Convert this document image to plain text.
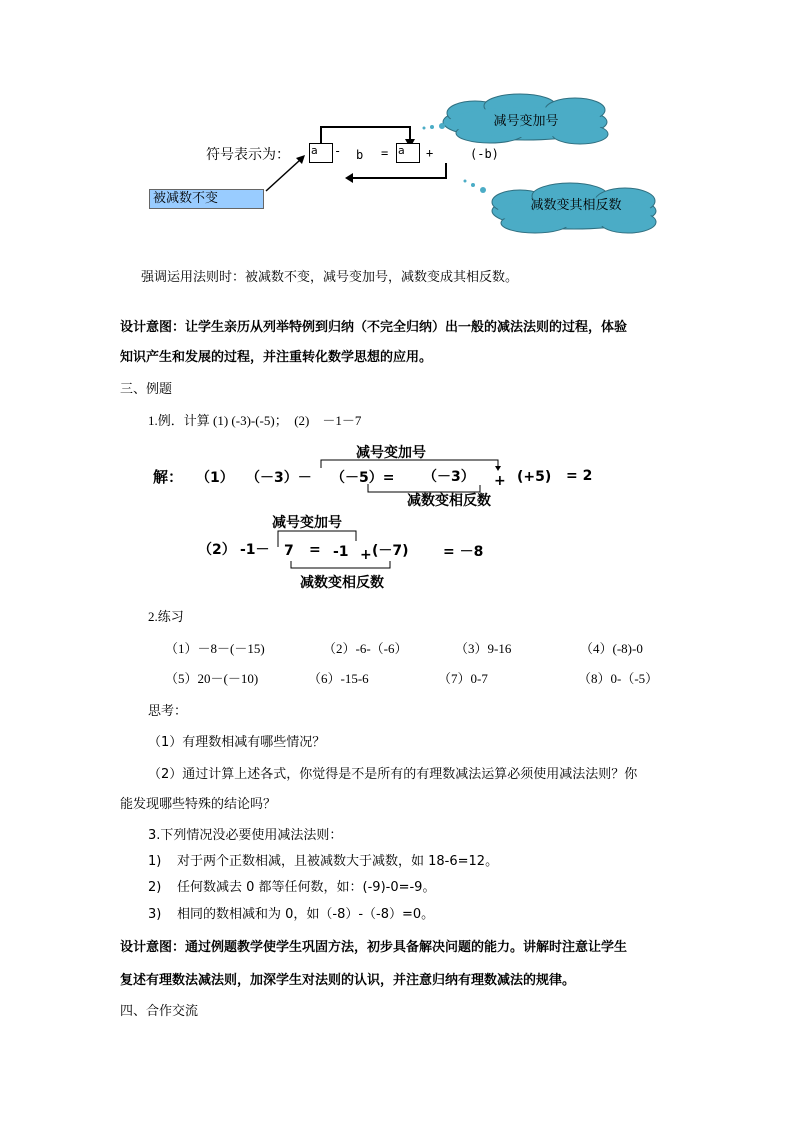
减号变加号
减数变其相反数
符号表示为： a	- b = a	+	(-b)
被减数不变
强调运用法则时：被减数不变，减号变加号，减数变成其相反数。
设计意图：让学生亲历从列举特例到归纳（不完全归纳）出一般的减法法则的过程，体验
知识产生和发展的过程，并注重转化数学思想的应用。
三、例题
1.例．计算 (1) (-3)-(-5)；　(2)　－1－7
解：
减号变加号
（1） （－3）－ （－5）= （－3） + (+5) = 2
减数变相反数
减号变加号
（2） -1－ 7 = -1 + (－7) = －8
减数变相反数
2.练习
（1）－8－(－15)	（2）-6-（-6）	（3）9-16	（4）(-8)-0
（5）20－(－10)	（6）-15-6	（7）0-7	（8）0-（-5）
思考：
（1）有理数相减有哪些情况？
（2）通过计算上述各式，你觉得是不是所有的有理数减法运算必须使用减法法则？你
能发现哪些特殊的结论吗？
3.下列情况没必要使用减法法则：
1) 对于两个正数相减，且被减数大于减数，如 18-6=12。
2) 任何数减去 0 都等任何数，如：(-9)-0=-9。
3) 相同的数相减和为 0，如（-8）-（-8）=0。
设计意图：通过例题教学使学生巩固方法，初步具备解决问题的能力。讲解时注意让学生
复述有理数法减法则，加深学生对法则的认识，并注意归纳有理数减法的规律。
四、合作交流
